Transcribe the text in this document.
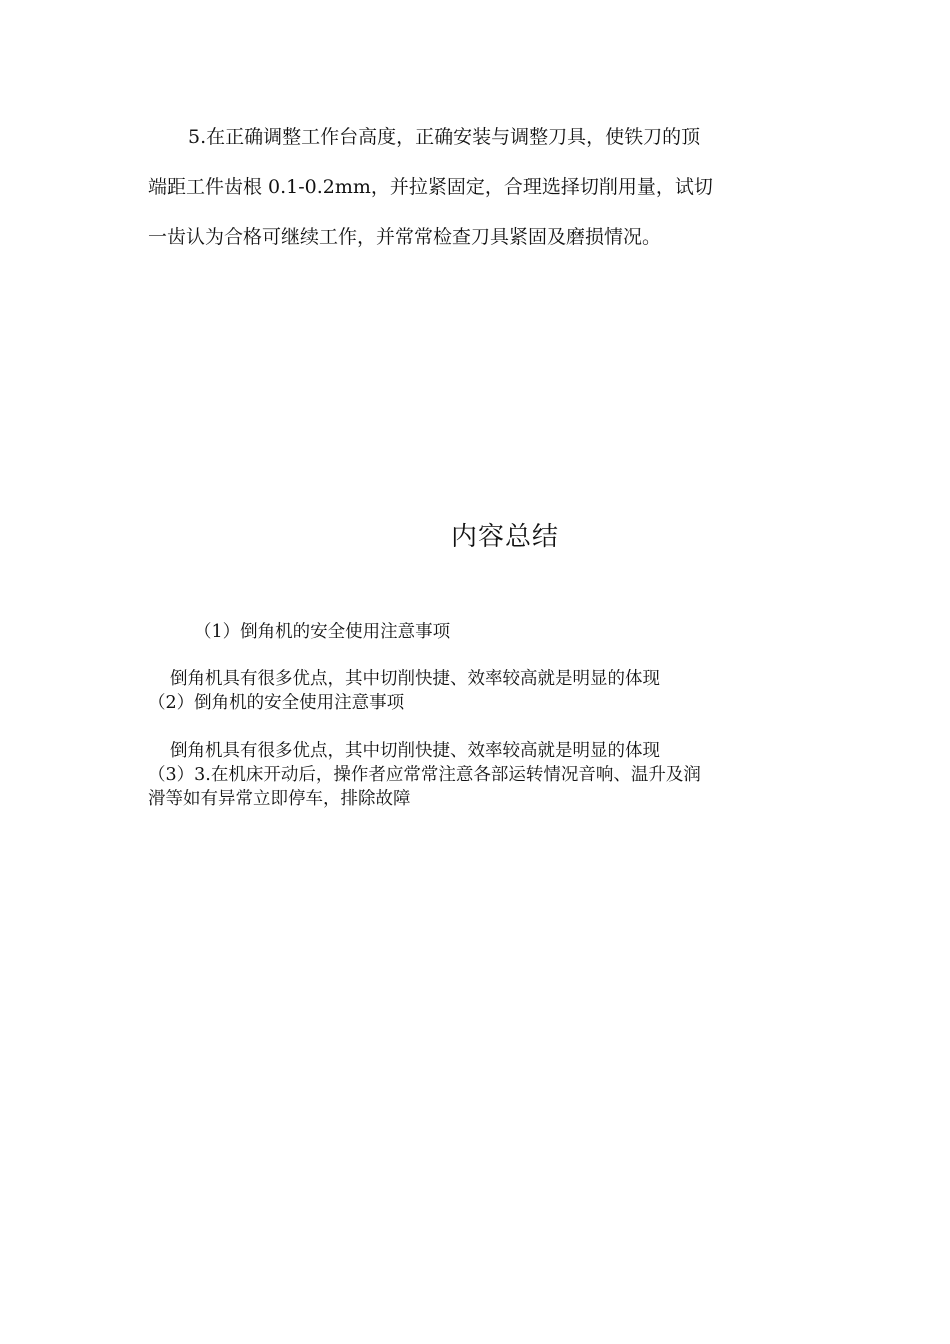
5.在正确调整工作台高度，正确安装与调整刀具，使铁刀的顶
端距工件齿根 0.1-0.2mm，并拉紧固定，合理选择切削用量，试切
一齿认为合格可继续工作，并常常检查刀具紧固及磨损情况。
内容总结

（1）倒角机的安全使用注意事项

倒角机具有很多优点，其中切削快捷、效率较高就是明显的体现

（2）倒角机的安全使用注意事项

倒角机具有很多优点，其中切削快捷、效率较高就是明显的体现

（3）3.在机床开动后，操作者应常常注意各部运转情况音响、温升及润

滑等如有异常立即停车，排除故障
